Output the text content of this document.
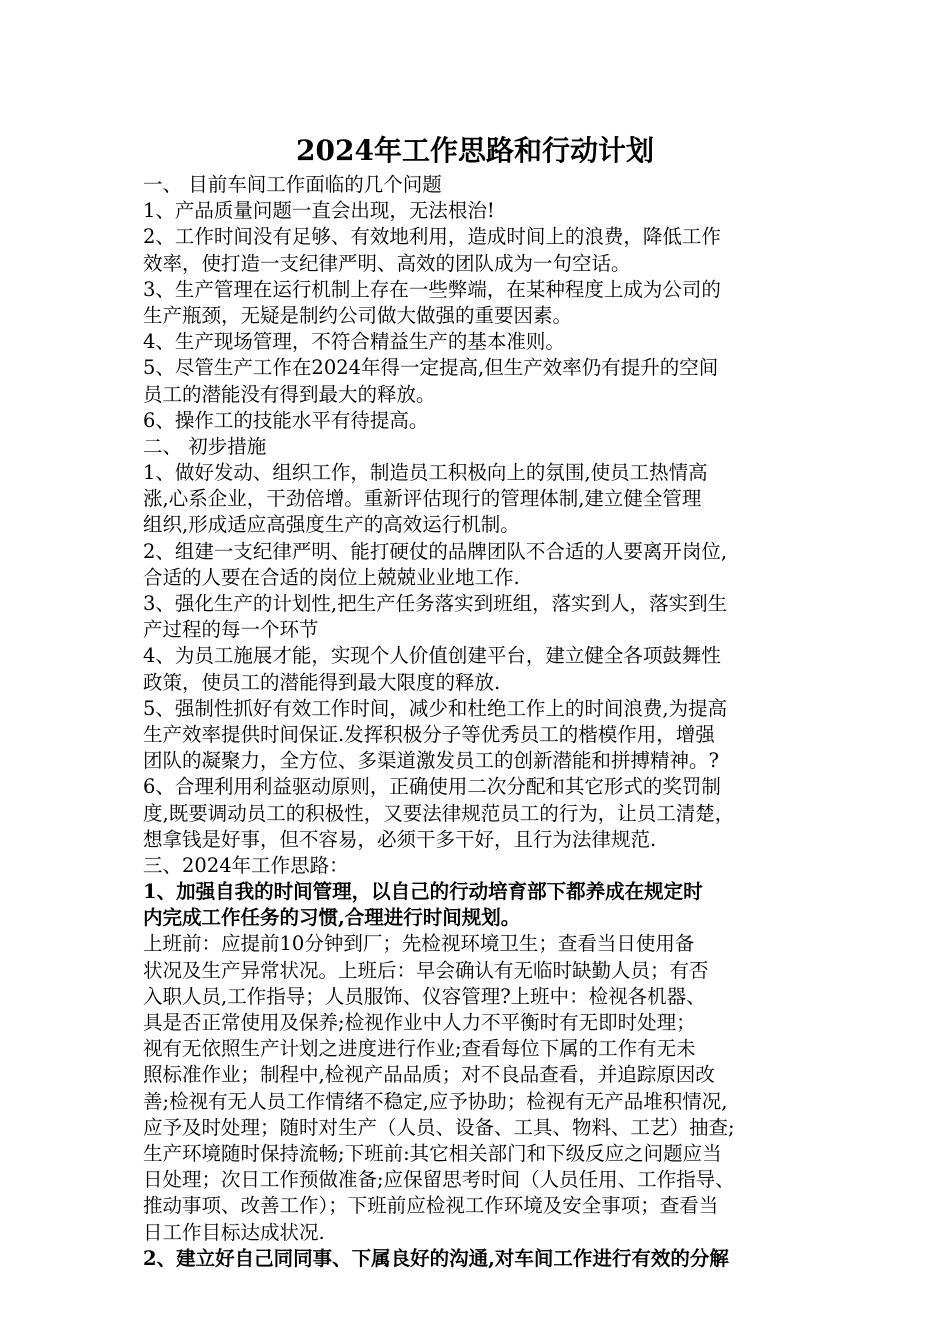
2024年工作思路和行动计划
一、 目前车间工作面临的几个问题
1、产品质量问题一直会出现，无法根治!
2、工作时间没有足够、有效地利用，造成时间上的浪费，降低工作
效率，使打造一支纪律严明、高效的团队成为一句空话。
3、生产管理在运行机制上存在一些弊端，在某种程度上成为公司的
生产瓶颈，无疑是制约公司做大做强的重要因素。
4、生产现场管理，不符合精益生产的基本准则。
5、尽管生产工作在2024年得一定提高,但生产效率仍有提升的空间
员工的潜能没有得到最大的释放。
6、操作工的技能水平有待提高。
二、 初步措施
1、做好发动、组织工作，制造员工积极向上的氛围,使员工热情高
涨,心系企业，干劲倍增。重新评估现行的管理体制,建立健全管理
组织,形成适应高强度生产的高效运行机制。
2、组建一支纪律严明、能打硬仗的品牌团队不合适的人要离开岗位,
合适的人要在合适的岗位上兢兢业业地工作.
3、强化生产的计划性,把生产任务落实到班组，落实到人，落实到生
产过程的每一个环节
4、为员工施展才能，实现个人价值创建平台，建立健全各项鼓舞性
政策，使员工的潜能得到最大限度的释放.
5、强制性抓好有效工作时间，减少和杜绝工作上的时间浪费,为提高
生产效率提供时间保证.发挥积极分子等优秀员工的楷模作用，增强
团队的凝聚力，全方位、多渠道激发员工的创新潜能和拼搏精神。?
6、合理利用利益驱动原则，正确使用二次分配和其它形式的奖罚制
度,既要调动员工的积极性，又要法律规范员工的行为，让员工清楚，
想拿钱是好事，但不容易，必须干多干好，且行为法律规范.
三、2024年工作思路：
1、加强自我的时间管理，以自己的行动培育部下都养成在规定时
内完成工作任务的习惯,合理进行时间规划。
上班前：应提前10分钟到厂；先检视环境卫生；查看当日使用备
状况及生产异常状况。上班后：早会确认有无临时缺勤人员；有否
入职人员,工作指导；人员服饰、仪容管理?上班中：检视各机器、
具是否正常使用及保养;检视作业中人力不平衡时有无即时处理；
视有无依照生产计划之进度进行作业;查看每位下属的工作有无未
照标准作业；制程中,检视产品品质；对不良品查看，并追踪原因改
善;检视有无人员工作情绪不稳定,应予协助；检视有无产品堆积情况,
应予及时处理；随时对生产（人员、设备、工具、物料、工艺）抽查;
生产环境随时保持流畅;下班前:其它相关部门和下级反应之问题应当
日处理；次日工作预做准备;应保留思考时间（人员任用、工作指导、
推动事项、改善工作）；下班前应检视工作环境及安全事项；查看当
日工作目标达成状况.
2、建立好自己同同事、下属良好的沟通,对车间工作进行有效的分解
